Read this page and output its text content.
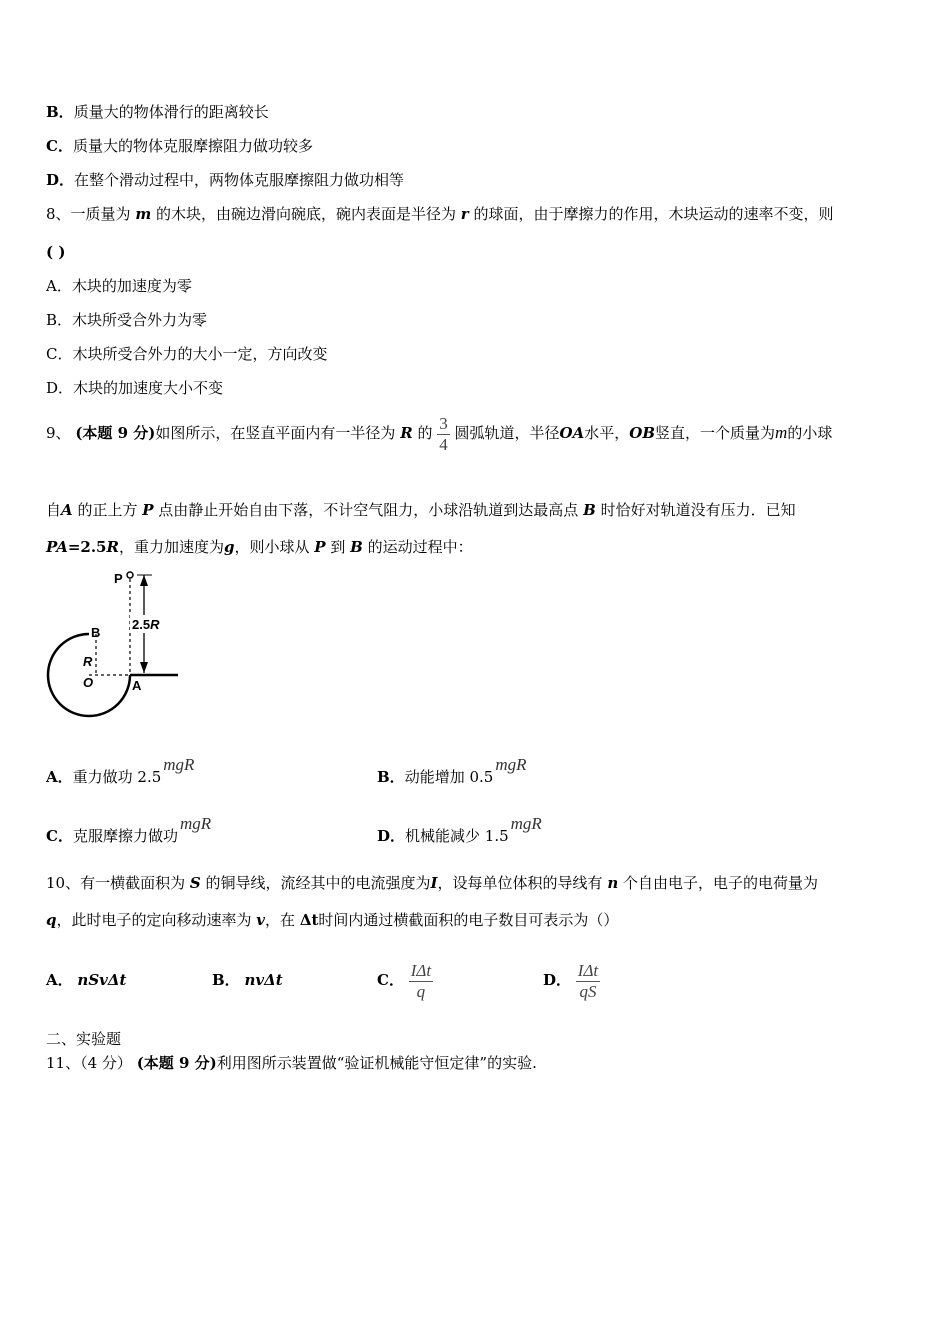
B．质量大的物体滑行的距离较长
C．质量大的物体克服摩擦阻力做功较多
D．在整个滑动过程中，两物体克服摩擦阻力做功相等
8、一质量为 m 的木块，由碗边滑向碗底，碗内表面是半径为 r 的球面，由于摩擦力的作用，木块运动的速率不变，则
( )
A．木块的加速度为零
B．木块所受合外力为零
C．木块所受合外力的大小一定，方向改变
D．木块的加速度大小不变
9、 (本题 9 分)如图所示，在竖直平面内有一半径为 R 的 $\frac{3}{4}$ 圆弧轨道，半径OA水平，OB竖直，一个质量为m的小球
自A 的正上方 P 点由静止开始自由下落，不计空气阻力，小球沿轨道到达最高点 B 时恰好对轨道没有压力．已知
PA=2.5R，重力加速度为g，则小球从 P 到 B 的运动过程中：
P
B
R
O	A
2.5R
A．重力做功 2.5mgR
B．动能增加 0.5mgR
C．克服摩擦力做功mgR
D．机械能减少 1.5mgR
10、有一横截面积为 S 的铜导线，流经其中的电流强度为I，设每单位体积的导线有 n 个自由电子，电子的电荷量为
q，此时电子的定向移动速率为 v，在 Δt时间内通过横截面积的电子数目可表示为（）
A． nSvΔt	B． nvΔt	C． $\frac{\text{IΔt}}{q}$	D． $\frac{\text{IΔt}}{qS}$
二、实验题
11、（4 分） (本题 9 分)利用图所示装置做“验证机械能守恒定律”的实验.
